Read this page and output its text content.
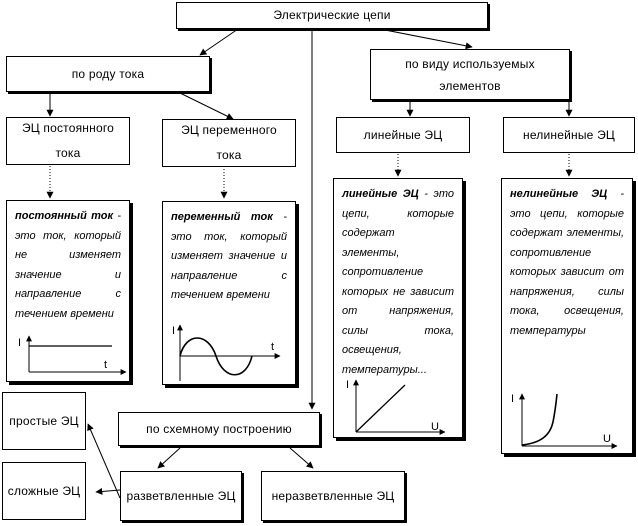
Электрические цепи
по роду тока
по виду используемых элементов
ЭЦ постоянного тока
ЭЦ переменного тока
линейные ЭЦ	нелинейные ЭЦ
постоянный ток - это ток, который не изменяет значение и направление с течением времени
переменный ток - это ток, который изменяет значение и направление с течением времени
линейные ЭЦ - это цепи, которые содержат элементы, сопротивление которых не зависит от напряжения, силы тока, освещения, температуры...
нелинейные ЭЦ - это цепи, которые содержат элементы, сопротивление которых зависит от напряжения, силы тока, освещения, температуры
I
t
I
t
I
U
I
U
по схемному построению
простые ЭЦ
сложные ЭЦ	разветвленные ЭЦ	неразветвленные ЭЦ
